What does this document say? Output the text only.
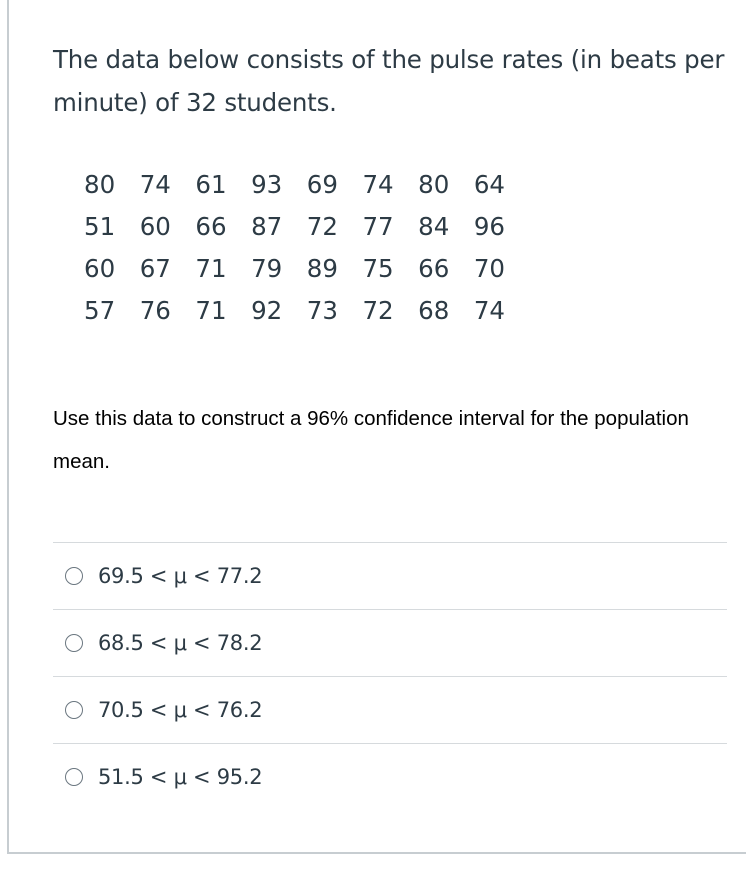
The data below consists of the pulse rates (in beats per minute) of 32 students.
80	74	61	93	69	74	80	64
51	60	66	87	72	77	84	96
60	67	71	79	89	75	66	70
57	76	71	92	73	72	68	74
Use this data to construct a 96% confidence interval for the population mean.
69.5 < μ < 77.2
68.5 < μ < 78.2
70.5 < μ < 76.2
51.5 < μ < 95.2
